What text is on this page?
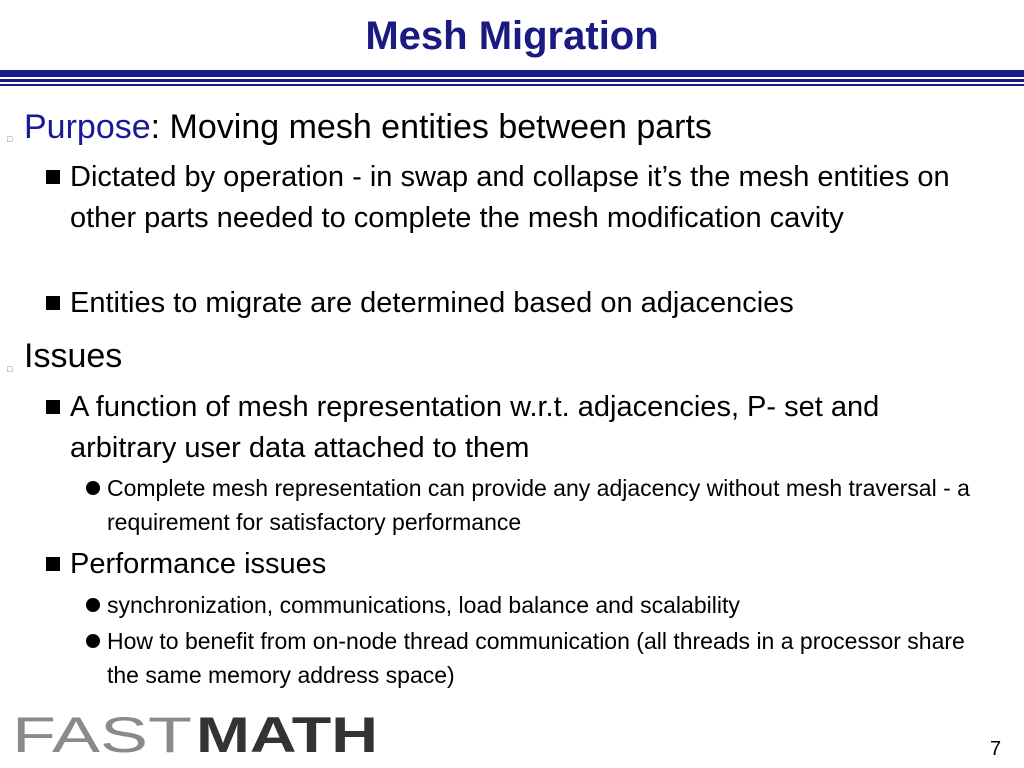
Mesh Migration
□ Purpose: Moving mesh entities between parts
Dictated by operation - in swap and collapse it’s the mesh entities on other parts needed to complete the mesh modification cavity
Entities to migrate are determined based on adjacencies
□ Issues
A function of mesh representation w.r.t. adjacencies, P- set and arbitrary user data attached to them
Complete mesh representation can provide any adjacency without mesh traversal - a requirement for satisfactory performance
Performance issues
synchronization, communications, load balance and scalability
How to benefit from on-node thread communication (all threads in a processor share the same memory address space)
FAST MATH	7
